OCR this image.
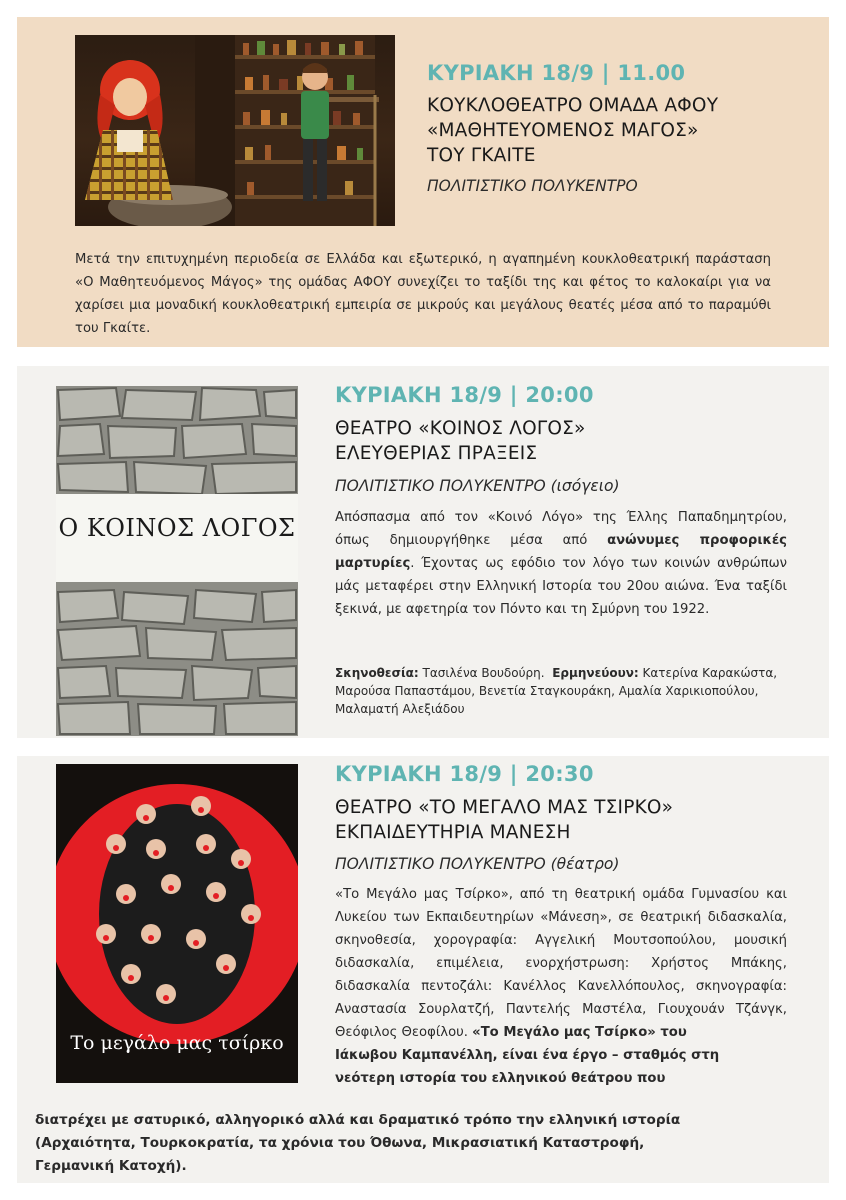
ΚΥΡΙΑΚΗ 18/9 | 11.00
ΚΟΥΚΛΟΘΕΑΤΡΟ ΟΜΑΔΑ ΑΦΟΥ
«ΜΑΘΗΤΕΥΟΜΕΝΟΣ ΜΑΓΟΣ»
ΤΟΥ ΓΚΑΙΤΕ
ΠΟΛΙΤΙΣΤΙΚΟ ΠΟΛΥΚΕΝΤΡΟ
Μετά την επιτυχημένη περιοδεία σε Ελλάδα και εξωτερικό, η αγαπημένη κουκλοθεατρική παράσταση «Ο Μαθητευόμενος Μάγος» της ομάδας ΑΦΟΥ συνεχίζει το ταξίδι της και φέτος το καλοκαίρι για να χαρίσει μια μοναδική κουκλοθεατρική εμπειρία σε μικρούς και μεγάλους θεατές μέσα από το παραμύθι του Γκαίτε.
Ο ΚΟΙΝΟΣ ΛΟΓΟΣ
ΚΥΡΙΑΚΗ 18/9 | 20:00
ΘΕΑΤΡΟ «ΚΟΙΝΟΣ ΛΟΓΟΣ»
ΕΛΕΥΘΕΡΙΑΣ ΠΡΑΞΕΙΣ
ΠΟΛΙΤΙΣΤΙΚΟ ΠΟΛΥΚΕΝΤΡΟ (ισόγειο)
Απόσπασμα από τον «Κοινό Λόγο» της Έλλης Παπαδημητρίου, όπως δημιουργήθηκε μέσα από ανώνυμες προφορικές μαρτυρίες. Έχοντας ως εφόδιο τον λόγο των κοινών ανθρώπων μάς μεταφέρει στην Ελληνική Ιστορία του 20ου αιώνα. Ένα ταξίδι ξεκινά, με αφετηρία τον Πόντο και τη Σμύρνη του 1922.
Σκηνοθεσία: Τασιλένα Βουδούρη. Ερμηνεύουν: Κατερίνα Καρακώστα, Μαρούσα Παπαστάμου, Βενετία Σταγκουράκη, Αμαλία Χαρικιοπούλου, Μαλαματή Αλεξιάδου
Το μεγάλο μας τσίρκο
ΚΥΡΙΑΚΗ 18/9 | 20:30
ΘΕΑΤΡΟ «ΤΟ ΜΕΓΑΛΟ ΜΑΣ ΤΣΙΡΚΟ»
ΕΚΠΑΙΔΕΥΤΗΡΙΑ ΜΑΝΕΣΗ
ΠΟΛΙΤΙΣΤΙΚΟ ΠΟΛΥΚΕΝΤΡΟ (θέατρο)
«Το Μεγάλο μας Τσίρκο», από τη θεατρική ομάδα Γυμνασίου και Λυκείου των Εκπαιδευτηρίων «Μάνεση», σε θεατρική διδασκαλία, σκηνοθεσία, χορογραφία: Αγγελική Μουτσοπούλου, μουσική διδασκαλία, επιμέλεια, ενορχήστρωση: Χρήστος Μπάκης, διδασκαλία πεντοζάλι: Κανέλλος Κανελλόπουλος, σκηνογραφία: Αναστασία Σουρλατζή, Παντελής Μαστέλα, Γιουχουάν Τζάνγκ, Θεόφιλος Θεοφίλου. «Το Μεγάλο μας Τσίρκο» του
Ιάκωβου Καμπανέλλη, είναι ένα έργο – σταθμός στη
νεότερη ιστορία του ελληνικού θεάτρου που
διατρέχει με σατυρικό, αλληγορικό αλλά και δραματικό τρόπο την ελληνική ιστορία
(Αρχαιότητα, Τουρκοκρατία, τα χρόνια του Όθωνα, Μικρασιατική Καταστροφή,
Γερμανική Κατοχή).
